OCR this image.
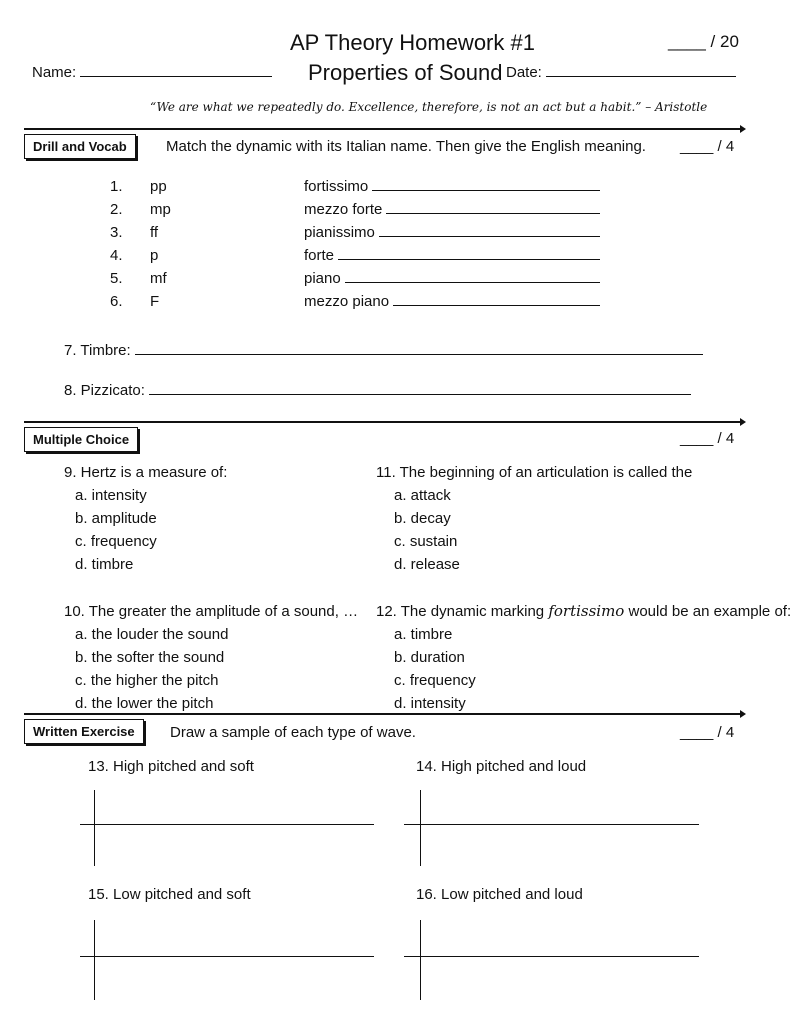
AP Theory Homework #1
Properties of Sound
____ / 20
Name:	Date:
“We are what we repeatedly do. Excellence, therefore, is not an act but a habit.” – Aristotle
Drill and Vocab	Match the dynamic with its Italian name. Then give the English meaning. ____ / 4
1. pp	fortissimo
2. mp	mezzo forte
3. ff	pianissimo
4. p	forte
5. mf	piano
6. F	mezzo piano
7. Timbre:
8. Pizzicato:
Multiple Choice	____ / 4
9. Hertz is a measure of:
a. intensity
b. amplitude
c. frequency
d. timbre
10. The greater the amplitude of a sound, …
a. the louder the sound
b. the softer the sound
c. the higher the pitch
d. the lower the pitch
11. The beginning of an articulation is called the
a. attack
b. decay
c. sustain
d. release
12. The dynamic marking fortissimo would be an example of:
a. timbre
b. duration
c. frequency
d. intensity
Written Exercise	Draw a sample of each type of wave.	____ / 4
13. High pitched and soft	14. High pitched and loud
15. Low pitched and soft	16. Low pitched and loud
